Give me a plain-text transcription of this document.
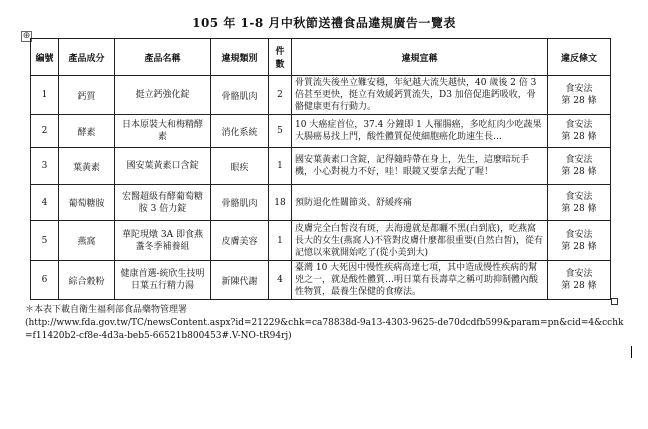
105 年 1-8 月中秋節送禮食品違規廣告一覽表
⊕
編號	產品成分	產品名稱	違規類別	件數	違規宣稱	違反條文
1	鈣質	挺立鈣強化錠	骨骼肌肉	2	骨質流失後坐立難安穩，年紀越大流失越快，40 歲後 2 倍 3 倍甚至更快，挺立有效緩鈣質流失，D3 加倍促進鈣吸收，骨骼健康更有行動力。	食安法
第 28 條
2	酵素	日本原裝大和梅精酵素	消化系統	5	10 大癌症首位，37.4 分鐘即 1 人罹腸癌，多吃紅肉少吃蔬果大腸癌易找上門，酸性體質促使細胞癌化助速生長…	食安法
第 28 條
3	葉黃素	國安葉黃素口含錠	眼疾	1	國安葉黃素口含錠，記得隨時帶在身上，先生，這麼暗玩手機，小心對視力不好，哇！眼鏡又要拿去配了喔！	食安法
第 28 條
4	葡萄糖胺	宏醫超級有酵葡萄糖胺 3 倍力錠	骨骼肌肉	18	預防退化性關節炎、舒緩疼痛	食安法
第 28 條
5	燕窩	華陀現燉 3A 即食燕盞冬季補養組	皮膚美容	1	皮膚完全白皙沒有斑，去海邊就是都曬不黑(白到底)，吃燕窩長大的女生(燕窩人)不管對皮膚什麼都很重要(自然白皙)，從有記憶以來就開始吃了(從小美到大)	食安法
第 28 條
6	綜合穀粉	健康首選-統欣生技明日葉五行精力湯	新陳代謝	4	臺灣 10 大死因中慢性疾病高達七項，其中造成慢性疾病的幫兇之一，就是酸性體質…明日葉有長壽草之稱可助抑制體內酸性物質，最養生保健的食療法。	食安法
第 28 條
＊本表下載自衛生福利部食品藥物管理署
(http://www.fda.gov.tw/TC/newsContent.aspx?id=21229&chk=ca78838d-9a13-4303-9625-de70dcdfb599&param=pn&cid=4&cchk=f11420b2-cf8e-4d3a-beb5-66521b800453#.V-NO-tR94rj)
